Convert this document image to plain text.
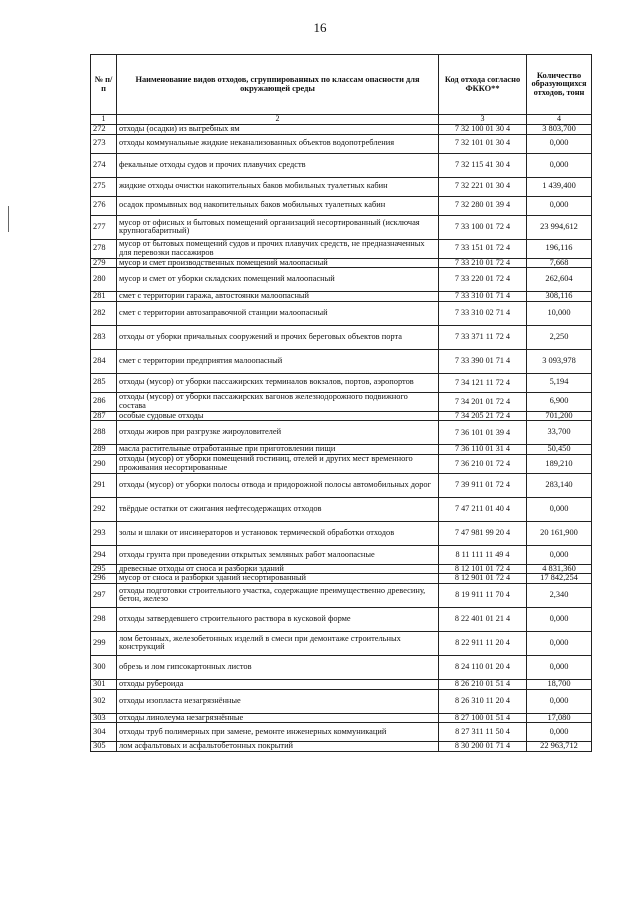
16
№ п/п	Наименование видов отходов, сгруппированных по классам опасности для окружающей среды	Код отхода согласно ФККО**	Количество образующихся отходов, тонн
1	2	3	4
272	отходы (осадки) из выгребных ям	7 32 100 01 30 4	3 803,700
273	отходы коммунальные жидкие неканализованных объектов водопотребления	7 32 101 01 30 4	0,000
274	фекальные отходы судов и прочих плавучих средств	7 32 115 41 30 4	0,000
275	жидкие отходы очистки накопительных баков мобильных туалетных кабин	7 32 221 01 30 4	1 439,400
276	осадок промывных вод накопительных баков мобильных туалетных кабин	7 32 280 01 39 4	0,000
277	мусор от офисных и бытовых помещений организаций несортированный (исключая крупногабаритный)	7 33 100 01 72 4	23 994,612
278	мусор от бытовых помещений судов и прочих плавучих средств, не предназначенных для перевозки пассажиров	7 33 151 01 72 4	196,116
279	мусор и смет производственных помещений малоопасный	7 33 210 01 72 4	7,668
280	мусор и смет от уборки складских помещений малоопасный	7 33 220 01 72 4	262,604
281	смет с территории гаража, автостоянки малоопасный	7 33 310 01 71 4	308,116
282	смет с территории автозаправочной станции малоопасный	7 33 310 02 71 4	10,000
283	отходы от уборки причальных сооружений и прочих береговых объектов порта	7 33 371 11 72 4	2,250
284	смет с территории предприятия малоопасный	7 33 390 01 71 4	3 093,978
285	отходы (мусор) от уборки пассажирских терминалов вокзалов, портов, аэропортов	7 34 121 11 72 4	5,194
286	отходы (мусор) от уборки пассажирских вагонов железнодорожного подвижного состава	7 34 201 01 72 4	6,900
287	особые судовые отходы	7 34 205 21 72 4	701,200
288	отходы жиров при разгрузке жироуловителей	7 36 101 01 39 4	33,700
289	масла растительные отработанные при приготовлении пищи	7 36 110 01 31 4	50,450
290	отходы (мусор) от уборки помещений гостиниц, отелей и других мест временного проживания несортированные	7 36 210 01 72 4	189,210
291	отходы (мусор) от уборки полосы отвода и придорожной полосы автомобильных дорог	7 39 911 01 72 4	283,140
292	твёрдые остатки от сжигания нефтесодержащих отходов	7 47 211 01 40 4	0,000
293	золы и шлаки от инсинераторов и установок термической обработки отходов	7 47 981 99 20 4	20 161,900
294	отходы грунта при проведении открытых земляных работ малоопасные	8 11 111 11 49 4	0,000
295	древесные отходы от сноса и разборки зданий	8 12 101 01 72 4	4 831,360
296	мусор от сноса и разборки зданий несортированный	8 12 901 01 72 4	17 842,254
297	отходы подготовки строительного участка, содержащие преимущественно древесину, бетон, железо	8 19 911 11 70 4	2,340
298	отходы затвердевшего строительного раствора в кусковой форме	8 22 401 01 21 4	0,000
299	лом бетонных, железобетонных изделий в смеси при демонтаже строительных конструкций	8 22 911 11 20 4	0,000
300	обрезь и лом гипсокартонных листов	8 24 110 01 20 4	0,000
301	отходы рубероида	8 26 210 01 51 4	18,700
302	отходы изопласта незагрязнённые	8 26 310 11 20 4	0,000
303	отходы линолеума незагрязнённые	8 27 100 01 51 4	17,080
304	отходы труб полимерных при замене, ремонте инженерных коммуникаций	8 27 311 11 50 4	0,000
305	лом асфальтовых и асфальтобетонных покрытий	8 30 200 01 71 4	22 963,712
